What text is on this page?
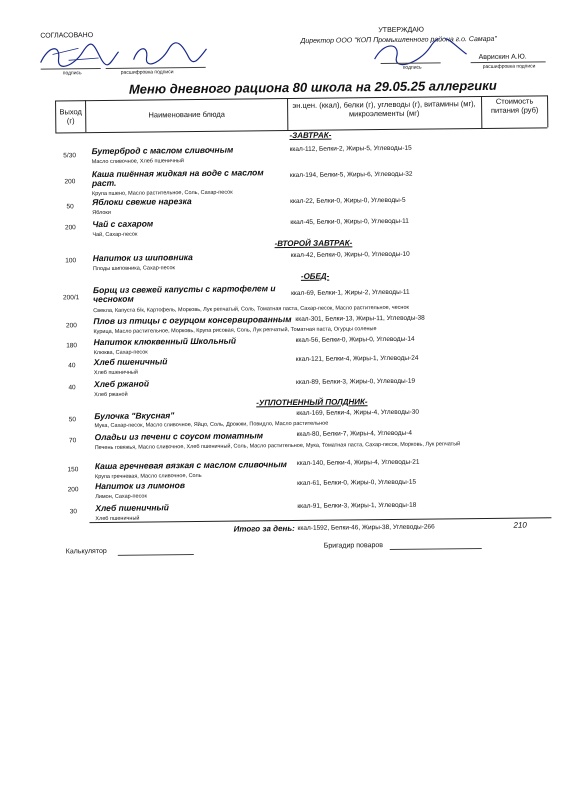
СОГЛАСОВАНО
подпись	расшифровка подписи
УТВЕРЖДАЮ
Директор ООО "КОП Промышленного района г.о. Самара"
Авриcкин А.Ю.
подпись	расшифровка подписи
Меню дневного рациона 80 школа на 29.05.25 аллергики
Выход (г)
Наименование блюда
эн.цен. (ккал), белки (г), углеводы (г), витамины (мг), микроэлементы (мг)
Стоимость питания (руб)
-ЗАВТРАК-
5/30	Бутерброд с маслом сливочным
Масло сливочное, Хлеб пшеничный
ккал-112, Белки-2, Жиры-5, Углеводы-15
200
Каша пшённая жидкая на воде с маслом раст.
Крупа пшено, Масло растительное, Соль, Сахар-песок
ккал-194, Белки-5, Жиры-6, Углеводы-32
50	Яблоки свежие нарезка
Яблоки
ккал-22, Белки-0, Жиры-0, Углеводы-5
200	Чай с сахаром
Чай, Сахар-песок
ккал-45, Белки-0, Жиры-0, Углеводы-11
-ВТОРОЙ ЗАВТРАК-
100	Напиток из шиповника
Плоды шиповника, Сахар-песок
ккал-42, Белки-0, Жиры-0, Углеводы-10
-ОБЕД-
200/1
Борщ из свежей капусты с картофелем и чесноком
Свекла, Капуста б/к, Картофель, Морковь, Лук репчатый, Соль, Томатная паста, Сахар-песок, Масло растительное, чеснок
ккал-69, Белки-1, Жиры-2, Углеводы-11
200	Плов из птицы с огурцом консервированным
Курица, Масло растительное, Морковь, Крупа рисовая, Соль, Лук репчатый, Томатная паста, Огурцы соленые
ккал-301, Белки-13, Жиры-11, Углеводы-38
180	Напиток клюквенный Школьный
Клюква, Сахар-песок
ккал-56, Белки-0, Жиры-0, Углеводы-14
40	Хлеб пшеничный
Хлеб пшеничный
ккал-121, Белки-4, Жиры-1, Углеводы-24
40	Хлеб ржаной
Хлеб ржаной
ккал-89, Белки-3, Жиры-0, Углеводы-19
-УПЛОТНЕННЫЙ ПОЛДНИК-
50	Булочка "Вкусная"
Мука, Сахар-песок, Масло сливочное, Яйцо, Соль, Дрожжи, Повидло, Масло растительное
ккал-169, Белки-4, Жиры-4, Углеводы-30
70	Оладьи из печени с соусом томатным
Печень говяжья, Масло сливочное, Хлеб пшеничный, Соль, Масло растительное, Мука, Томатная паста, Сахар-песок, Морковь, Лук репчатый
ккал-80, Белки-7, Жиры-4, Углеводы-4
150	Каша гречневая вязкая с маслом сливочным
Крупа гречневая, Масло сливочное, Соль
ккал-140, Белки-4, Жиры-4, Углеводы-21
200	Напиток из лимонов
Лимон, Сахар-песок
ккал-61, Белки-0, Жиры-0, Углеводы-15
30	Хлеб пшеничный
Хлеб пшеничный
ккал-91, Белки-3, Жиры-1, Углеводы-18
Итого за день: ккал-1592, Белки-46, Жиры-38, Углеводы-266	210
Калькулятор
Бригадир поваров
